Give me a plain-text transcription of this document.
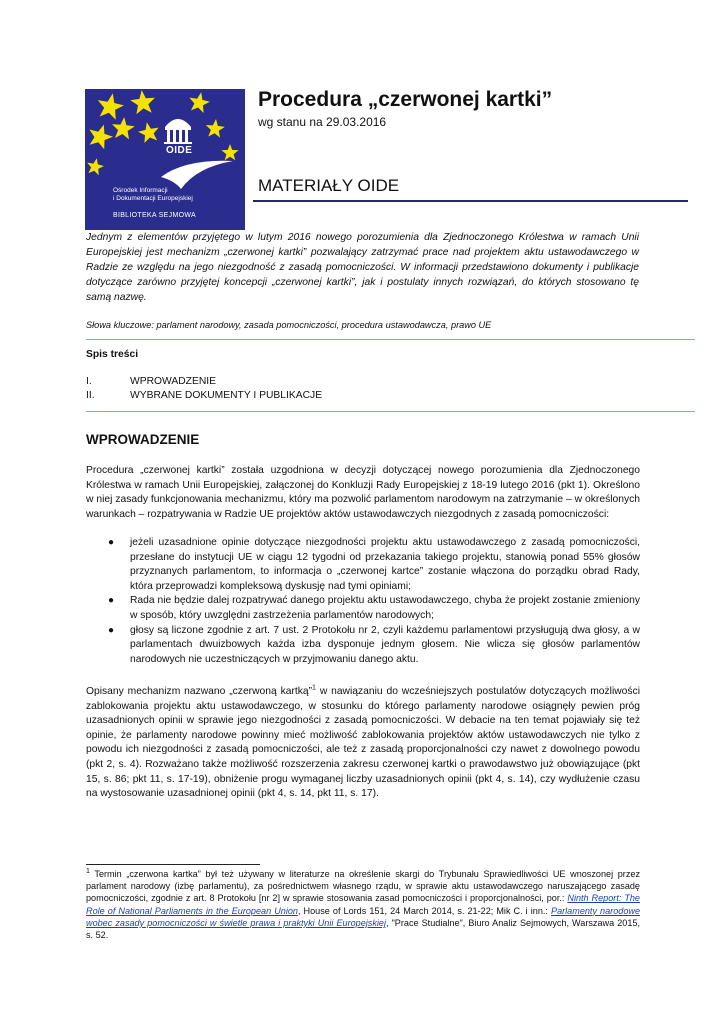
OIDE
Ośrodek Informacji
i Dokumentacji Europejskiej
BIBLIOTEKA SEJMOWA
Procedura „czerwonej kartki”
wg stanu na 29.03.2016
MATERIAŁY OIDE
Jednym z elementów przyjętego w lutym 2016 nowego porozumienia dla Zjednoczonego Królestwa w ramach Unii Europejskiej jest mechanizm „czerwonej kartki” pozwalający zatrzymać prace nad projektem aktu ustawodawczego w Radzie ze względu na jego niezgodność z zasadą pomocniczości. W informacji przedstawiono dokumenty i publikacje dotyczące zarówno przyjętej koncepcji „czerwonej kartki”, jak i postulaty innych rozwiązań, do których stosowano tę samą nazwę.
Słowa kluczowe: parlament narodowy, zasada pomocniczości, procedura ustawodawcza, prawo UE
Spis treści
I.	WPROWADZENIE
II.	WYBRANE DOKUMENTY I PUBLIKACJE
WPROWADZENIE

Procedura „czerwonej kartki” została uzgodniona w decyzji dotyczącej nowego porozumienia dla Zjednoczonego Królestwa w ramach Unii Europejskiej, załączonej do Konkluzji Rady Europejskiej z 18-19 lutego 2016 (pkt 1). Określono w niej zasady funkcjonowania mechanizmu, który ma pozwolić parlamentom narodowym na zatrzymanie – w określonych warunkach – rozpatrywania w Radzie UE projektów aktów ustawodawczych niezgodnych z zasadą pomocniczości:

● jeżeli uzasadnione opinie dotyczące niezgodności projektu aktu ustawodawczego z zasadą pomocniczości, przesłane do instytucji UE w ciągu 12 tygodni od przekazania takiego projektu, stanowią ponad 55% głosów przyznanych parlamentom, to informacja o „czerwonej kartce” zostanie włączona do porządku obrad Rady, która przeprowadzi kompleksową dyskusję nad tymi opiniami;
● Rada nie będzie dalej rozpatrywać danego projektu aktu ustawodawczego, chyba że projekt zostanie zmieniony w sposób, który uwzględni zastrzeżenia parlamentów narodowych;
● głosy są liczone zgodnie z art. 7 ust. 2 Protokołu nr 2, czyli każdemu parlamentowi przysługują dwa głosy, a w parlamentach dwuizbowych każda izba dysponuje jednym głosem. Nie wlicza się głosów parlamentów narodowych nie uczestniczących w przyjmowaniu danego aktu.

Opisany mechanizm nazwano „czerwoną kartką”$^1$ w nawiązaniu do wcześniejszych postulatów dotyczących możliwości zablokowania projektu aktu ustawodawczego, w stosunku do którego parlamenty narodowe osiągnęły pewien próg uzasadnionych opinii w sprawie jego niezgodności z zasadą pomocniczości. W debacie na ten temat pojawiały się też opinie, że parlamenty narodowe powinny mieć możliwość zablokowania projektów aktów ustawodawczych nie tylko z powodu ich niezgodności z zasadą pomocniczości, ale też z zasadą proporcjonalności czy nawet z dowolnego powodu (pkt 2, s. 4). Rozważano także możliwość rozszerzenia zakresu czerwonej kartki o prawodawstwo już obowiązujące (pkt 15, s. 86; pkt 11, s. 17-19), obniżenie progu wymaganej liczby uzasadnionych opinii (pkt 4, s. 14), czy wydłużenie czasu na wystosowanie uzasadnionej opinii (pkt 4, s. 14, pkt 11, s. 17).

$^1$ Termin „czerwona kartka” był też używany w literaturze na określenie skargi do Trybunału Sprawiedliwości UE wnoszonej przez parlament narodowy (izbę parlamentu), za pośrednictwem własnego rządu, w sprawie aktu ustawodawczego naruszającego zasadę pomocniczości, zgodnie z art. 8 Protokołu [nr 2] w sprawie stosowania zasad pomocniczości i proporcjonalności, por.: Ninth Report: The Role of National Parliaments in the European Union, House of Lords 151, 24 March 2014, s. 21-22; Mik C. i inn.: Parlamenty narodowe wobec zasady pomocniczości w świetle prawa i praktyki Unii Europejskiej, "Prace Studialne", Biuro Analiz Sejmowych, Warszawa 2015, s. 52.
